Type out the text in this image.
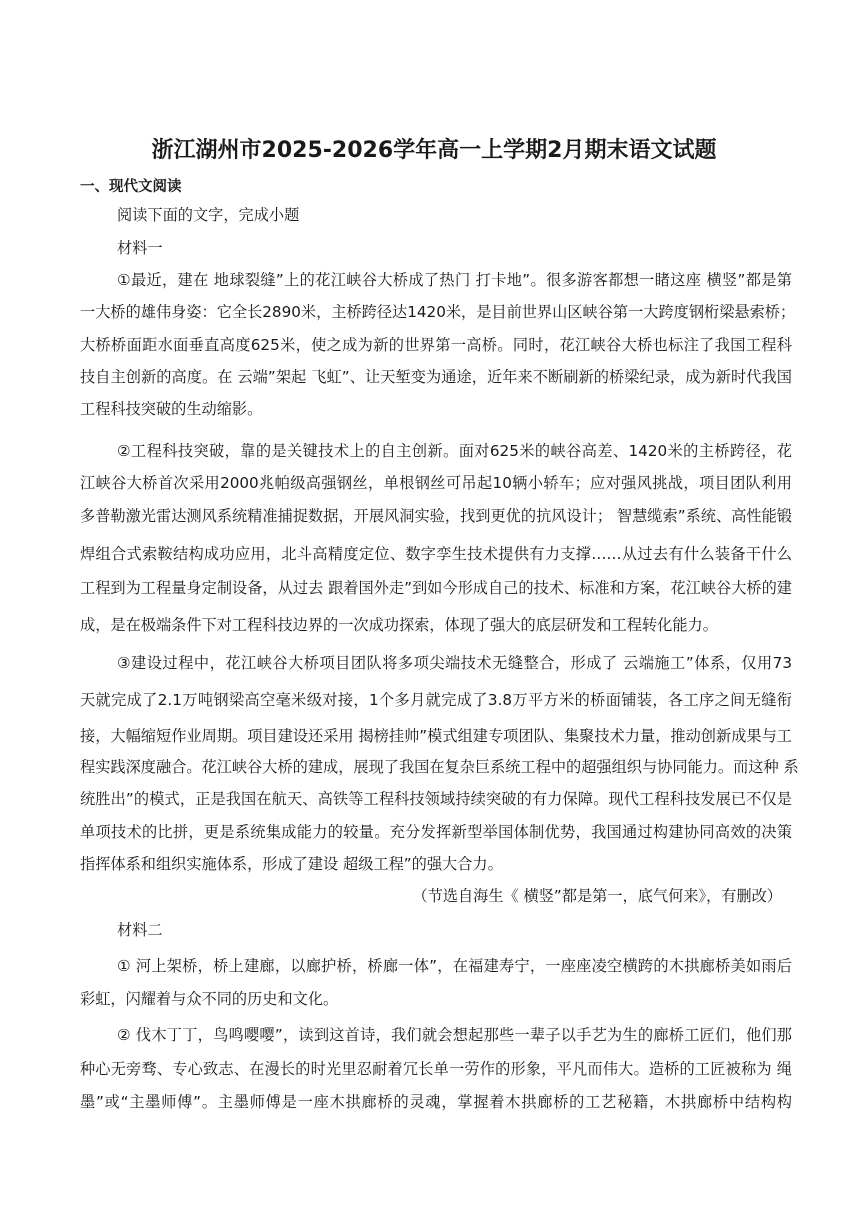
浙江湖州市2025-2026学年高一上学期2月期末语文试题
一、现代文阅读
阅读下面的文字，完成小题
材料一
①最近，建在 地球裂缝”上的花江峡谷大桥成了热门 打卡地”。很多游客都想一睹这座 横竖”都是第
一大桥的雄伟身姿：它全长2890米，主桥跨径达1420米，是目前世界山区峡谷第一大跨度钢桁梁悬索桥；
大桥桥面距水面垂直高度625米，使之成为新的世界第一高桥。同时，花江峡谷大桥也标注了我国工程科
技自主创新的高度。在 云端”架起 飞虹”、让天堑变为通途，近年来不断刷新的桥梁纪录，成为新时代我国
工程科技突破的生动缩影。
②工程科技突破，靠的是关键技术上的自主创新。面对625米的峡谷高差、1420米的主桥跨径，花
江峡谷大桥首次采用2000兆帕级高强钢丝，单根钢丝可吊起10辆小轿车；应对强风挑战，项目团队利用
多普勒激光雷达测风系统精准捕捉数据，开展风洞实验，找到更优的抗风设计； 智慧缆索”系统、高性能锻
焊组合式索鞍结构成功应用，北斗高精度定位、数字孪生技术提供有力支撑……从过去有什么装备干什么
工程到为工程量身定制设备，从过去 跟着国外走”到如今形成自己的技术、标准和方案，花江峡谷大桥的建
成，是在极端条件下对工程科技边界的一次成功探索，体现了强大的底层研发和工程转化能力。
③建设过程中，花江峡谷大桥项目团队将多项尖端技术无缝整合，形成了 云端施工”体系，仅用73
天就完成了2.1万吨钢梁高空毫米级对接，1个多月就完成了3.8万平方米的桥面铺装，各工序之间无缝衔
接，大幅缩短作业周期。项目建设还采用 揭榜挂帅”模式组建专项团队、集聚技术力量，推动创新成果与工
程实践深度融合。花江峡谷大桥的建成，展现了我国在复杂巨系统工程中的超强组织与协同能力。而这种 系
统胜出”的模式，正是我国在航天、高铁等工程科技领域持续突破的有力保障。现代工程科技发展已不仅是
单项技术的比拼，更是系统集成能力的较量。充分发挥新型举国体制优势，我国通过构建协同高效的决策
指挥体系和组织实施体系，形成了建设 超级工程”的强大合力。
（节选自海生《 横竖”都是第一，底气何来》，有删改）
材料二
① 河上架桥，桥上建廊，以廊护桥，桥廊一体”，在福建寿宁，一座座凌空横跨的木拱廊桥美如雨后
彩虹，闪耀着与众不同的历史和文化。
② 伐木丁丁，鸟鸣嘤嘤”，读到这首诗，我们就会想起那些一辈子以手艺为生的廊桥工匠们，他们那
种心无旁骛、专心致志、在漫长的时光里忍耐着冗长单一劳作的形象，平凡而伟大。造桥的工匠被称为 绳
墨”或“主墨师傅”。主墨师傅是一座木拱廊桥的灵魂，掌握着木拱廊桥的工艺秘籍，木拱廊桥中结构构
